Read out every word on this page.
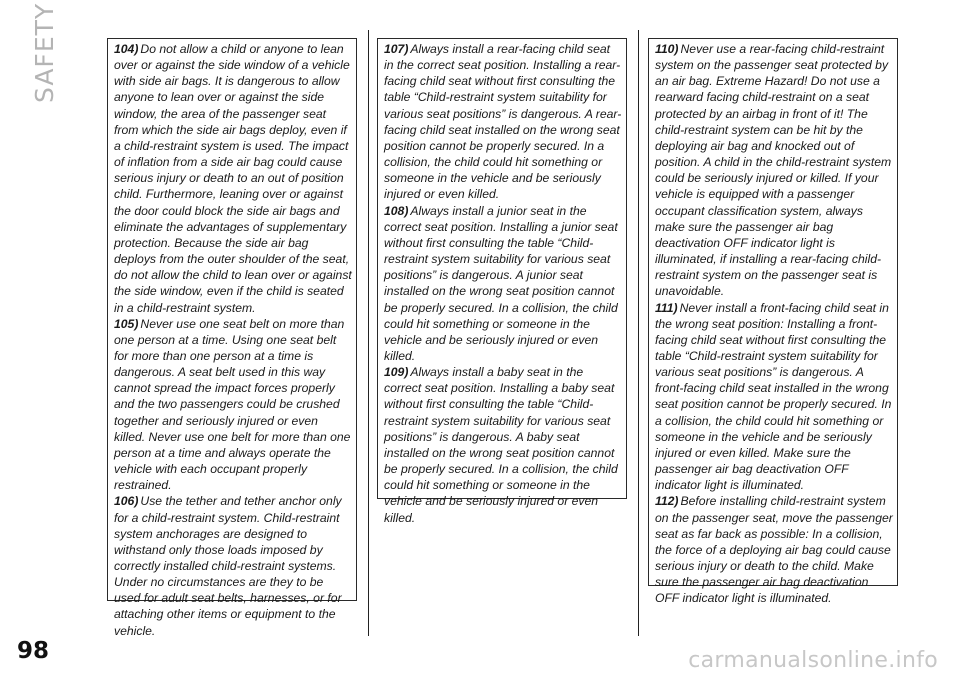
SAFETY	104) Do not allow a child or anyone to lean over or against the side window of a vehicle with side air bags. It is dangerous to allow anyone to lean over or against the side window, the area of the passenger seat from which the side air bags deploy, even if a child-restraint system is used. The impact of inflation from a side air bag could cause serious injury or death to an out of position child. Furthermore, leaning over or against the door could block the side air bags and eliminate the advantages of supplementary protection. Because the side air bag deploys from the outer shoulder of the seat, do not allow the child to lean over or against the side window, even if the child is seated in a child-restraint system.

105) Never use one seat belt on more than one person at a time. Using one seat belt for more than one person at a time is dangerous. A seat belt used in this way cannot spread the impact forces properly and the two passengers could be crushed together and seriously injured or even killed. Never use one belt for more than one person at a time and always operate the vehicle with each occupant properly restrained.

106) Use the tether and tether anchor only for a child-restraint system. Child-restraint system anchorages are designed to withstand only those loads imposed by correctly installed child-restraint systems. Under no circumstances are they to be used for adult seat belts, harnesses, or for attaching other items or equipment to the vehicle.

107) Always install a rear-facing child seat in the correct seat position. Installing a rear-facing child seat without first consulting the table “Child-restraint system suitability for various seat positions” is dangerous. A rear-facing child seat installed on the wrong seat position cannot be properly secured. In a collision, the child could hit something or someone in the vehicle and be seriously injured or even killed.

108) Always install a junior seat in the correct seat position. Installing a junior seat without first consulting the table “Child-restraint system suitability for various seat positions” is dangerous. A junior seat installed on the wrong seat position cannot be properly secured. In a collision, the child could hit something or someone in the vehicle and be seriously injured or even killed.

109) Always install a baby seat in the correct seat position. Installing a baby seat without first consulting the table “Child-restraint system suitability for various seat positions” is dangerous. A baby seat installed on the wrong seat position cannot be properly secured. In a collision, the child could hit something or someone in the vehicle and be seriously injured or even killed.

110) Never use a rear-facing child-restraint system on the passenger seat protected by an air bag. Extreme Hazard! Do not use a rearward facing child-restraint on a seat protected by an airbag in front of it! The child-restraint system can be hit by the deploying air bag and knocked out of position. A child in the child-restraint system could be seriously injured or killed. If your vehicle is equipped with a passenger occupant classification system, always make sure the passenger air bag deactivation OFF indicator light is illuminated, if installing a rear-facing child-restraint system on the passenger seat is unavoidable.

111) Never install a front-facing child seat in the wrong seat position: Installing a front-facing child seat without first consulting the table “Child-restraint system suitability for various seat positions” is dangerous. A front-facing child seat installed in the wrong seat position cannot be properly secured. In a collision, the child could hit something or someone in the vehicle and be seriously injured or even killed. Make sure the passenger air bag deactivation OFF indicator light is illuminated.

112) Before installing child-restraint system on the passenger seat, move the passenger seat as far back as possible: In a collision, the force of a deploying air bag could cause serious injury or death to the child. Make sure the passenger air bag deactivation OFF indicator light is illuminated.

98	carmanualsonline.info
